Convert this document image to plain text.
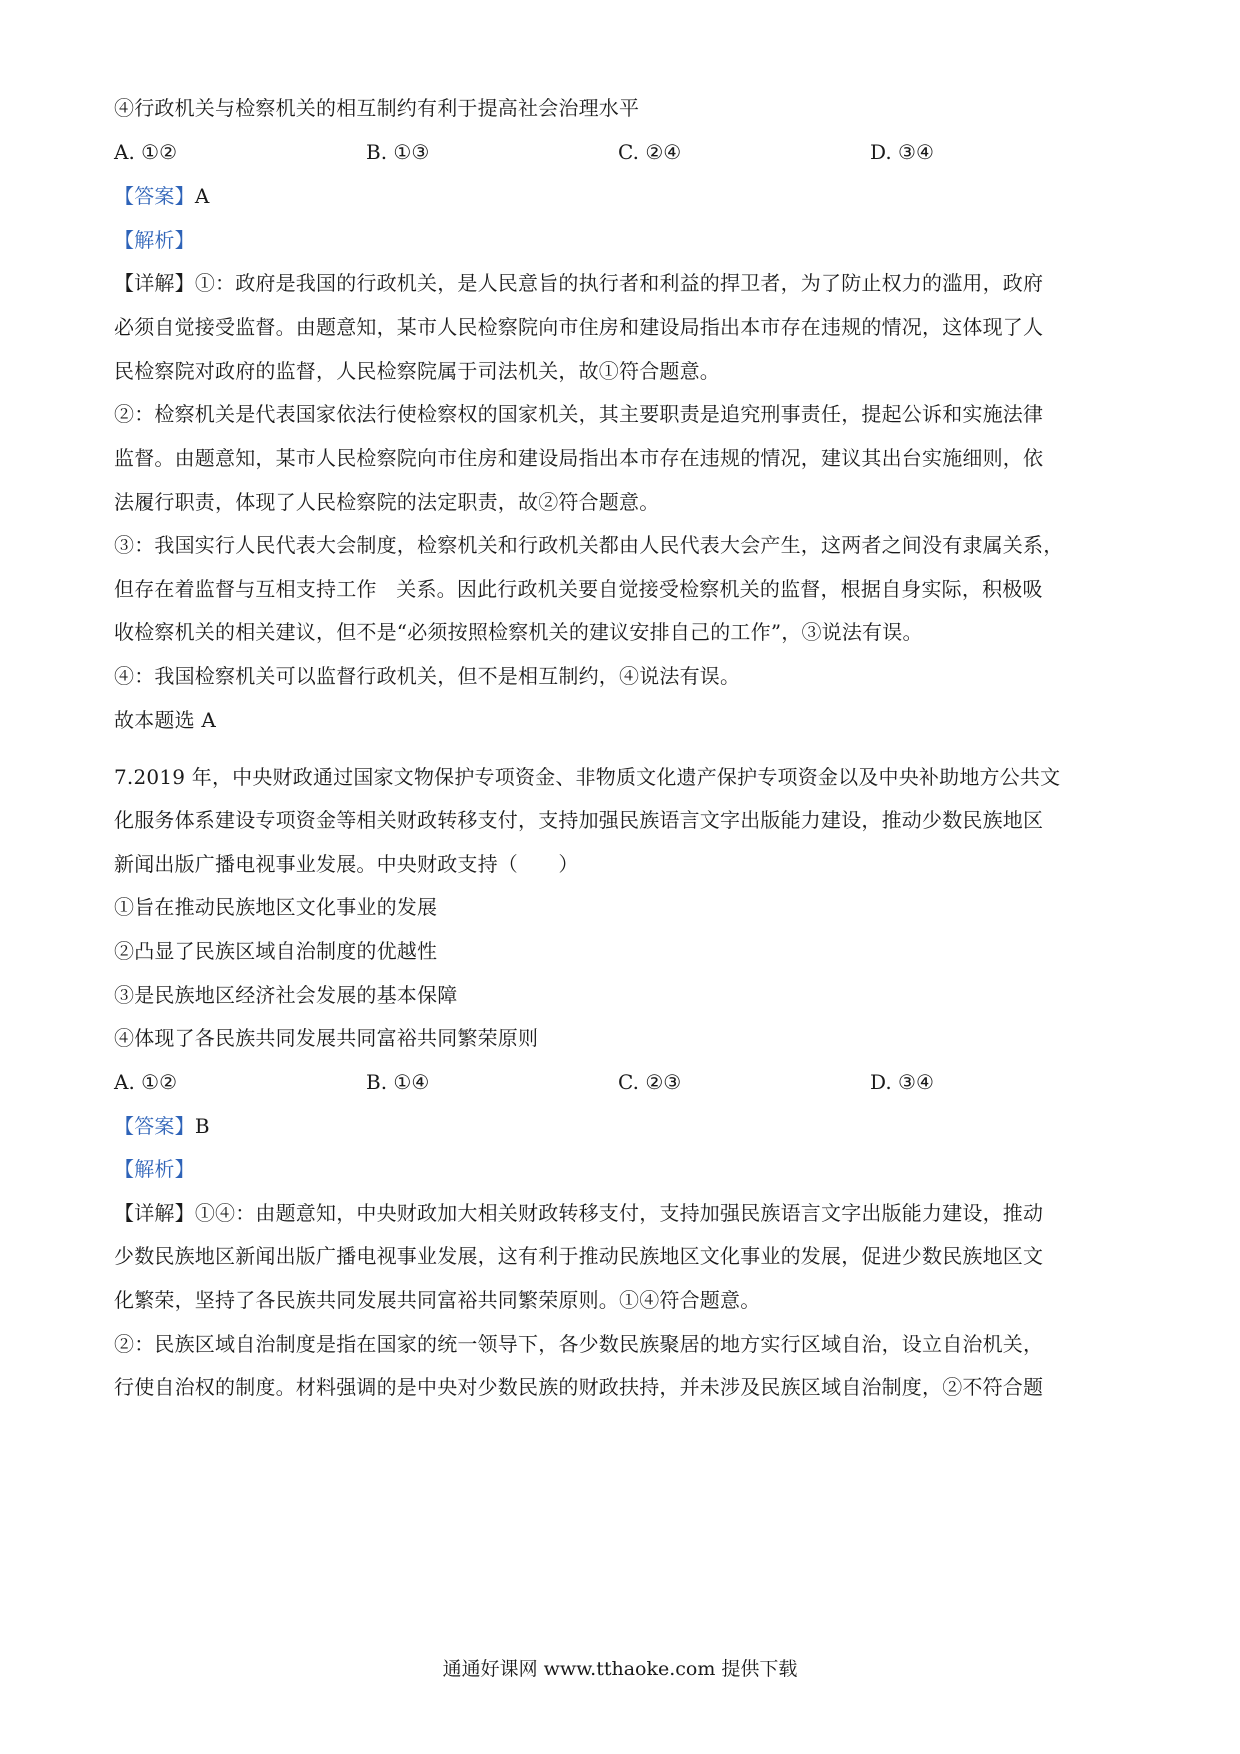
④行政机关与检察机关的相互制约有利于提高社会治理水平
A. ①②	B. ①③	C. ②④	D. ③④
【答案】A
【解析】
【详解】①：政府是我国的行政机关，是人民意旨的执行者和利益的捍卫者，为了防止权力的滥用，政府
必须自觉接受监督。由题意知，某市人民检察院向市住房和建设局指出本市存在违规的情况，这体现了人
民检察院对政府的监督，人民检察院属于司法机关，故①符合题意。
②：检察机关是代表国家依法行使检察权的国家机关，其主要职责是追究刑事责任，提起公诉和实施法律
监督。由题意知，某市人民检察院向市住房和建设局指出本市存在违规的情况，建议其出台实施细则，依
法履行职责，体现了人民检察院的法定职责，故②符合题意。
③：我国实行人民代表大会制度，检察机关和行政机关都由人民代表大会产生，这两者之间没有隶属关系，
但存在着监督与互相支持工作   关系。因此行政机关要自觉接受检察机关的监督，根据自身实际，积极吸
收检察机关的相关建议，但不是“必须按照检察机关的建议安排自己的工作”，③说法有误。
④：我国检察机关可以监督行政机关，但不是相互制约，④说法有误。
故本题选 A
7.2019 年，中央财政通过国家文物保护专项资金、非物质文化遗产保护专项资金以及中央补助地方公共文
化服务体系建设专项资金等相关财政转移支付，支持加强民族语言文字出版能力建设，推动少数民族地区
新闻出版广播电视事业发展。中央财政支持（　　）
①旨在推动民族地区文化事业的发展
②凸显了民族区域自治制度的优越性
③是民族地区经济社会发展的基本保障
④体现了各民族共同发展共同富裕共同繁荣原则
A. ①②	B. ①④	C. ②③	D. ③④
【答案】B
【解析】
【详解】①④：由题意知，中央财政加大相关财政转移支付，支持加强民族语言文字出版能力建设，推动
少数民族地区新闻出版广播电视事业发展，这有利于推动民族地区文化事业的发展，促进少数民族地区文
化繁荣，坚持了各民族共同发展共同富裕共同繁荣原则。①④符合题意。
②：民族区域自治制度是指在国家的统一领导下，各少数民族聚居的地方实行区域自治，设立自治机关，
行使自治权的制度。材料强调的是中央对少数民族的财政扶持，并未涉及民族区域自治制度，②不符合题
通通好课网 www.tthaoke.com 提供下载
